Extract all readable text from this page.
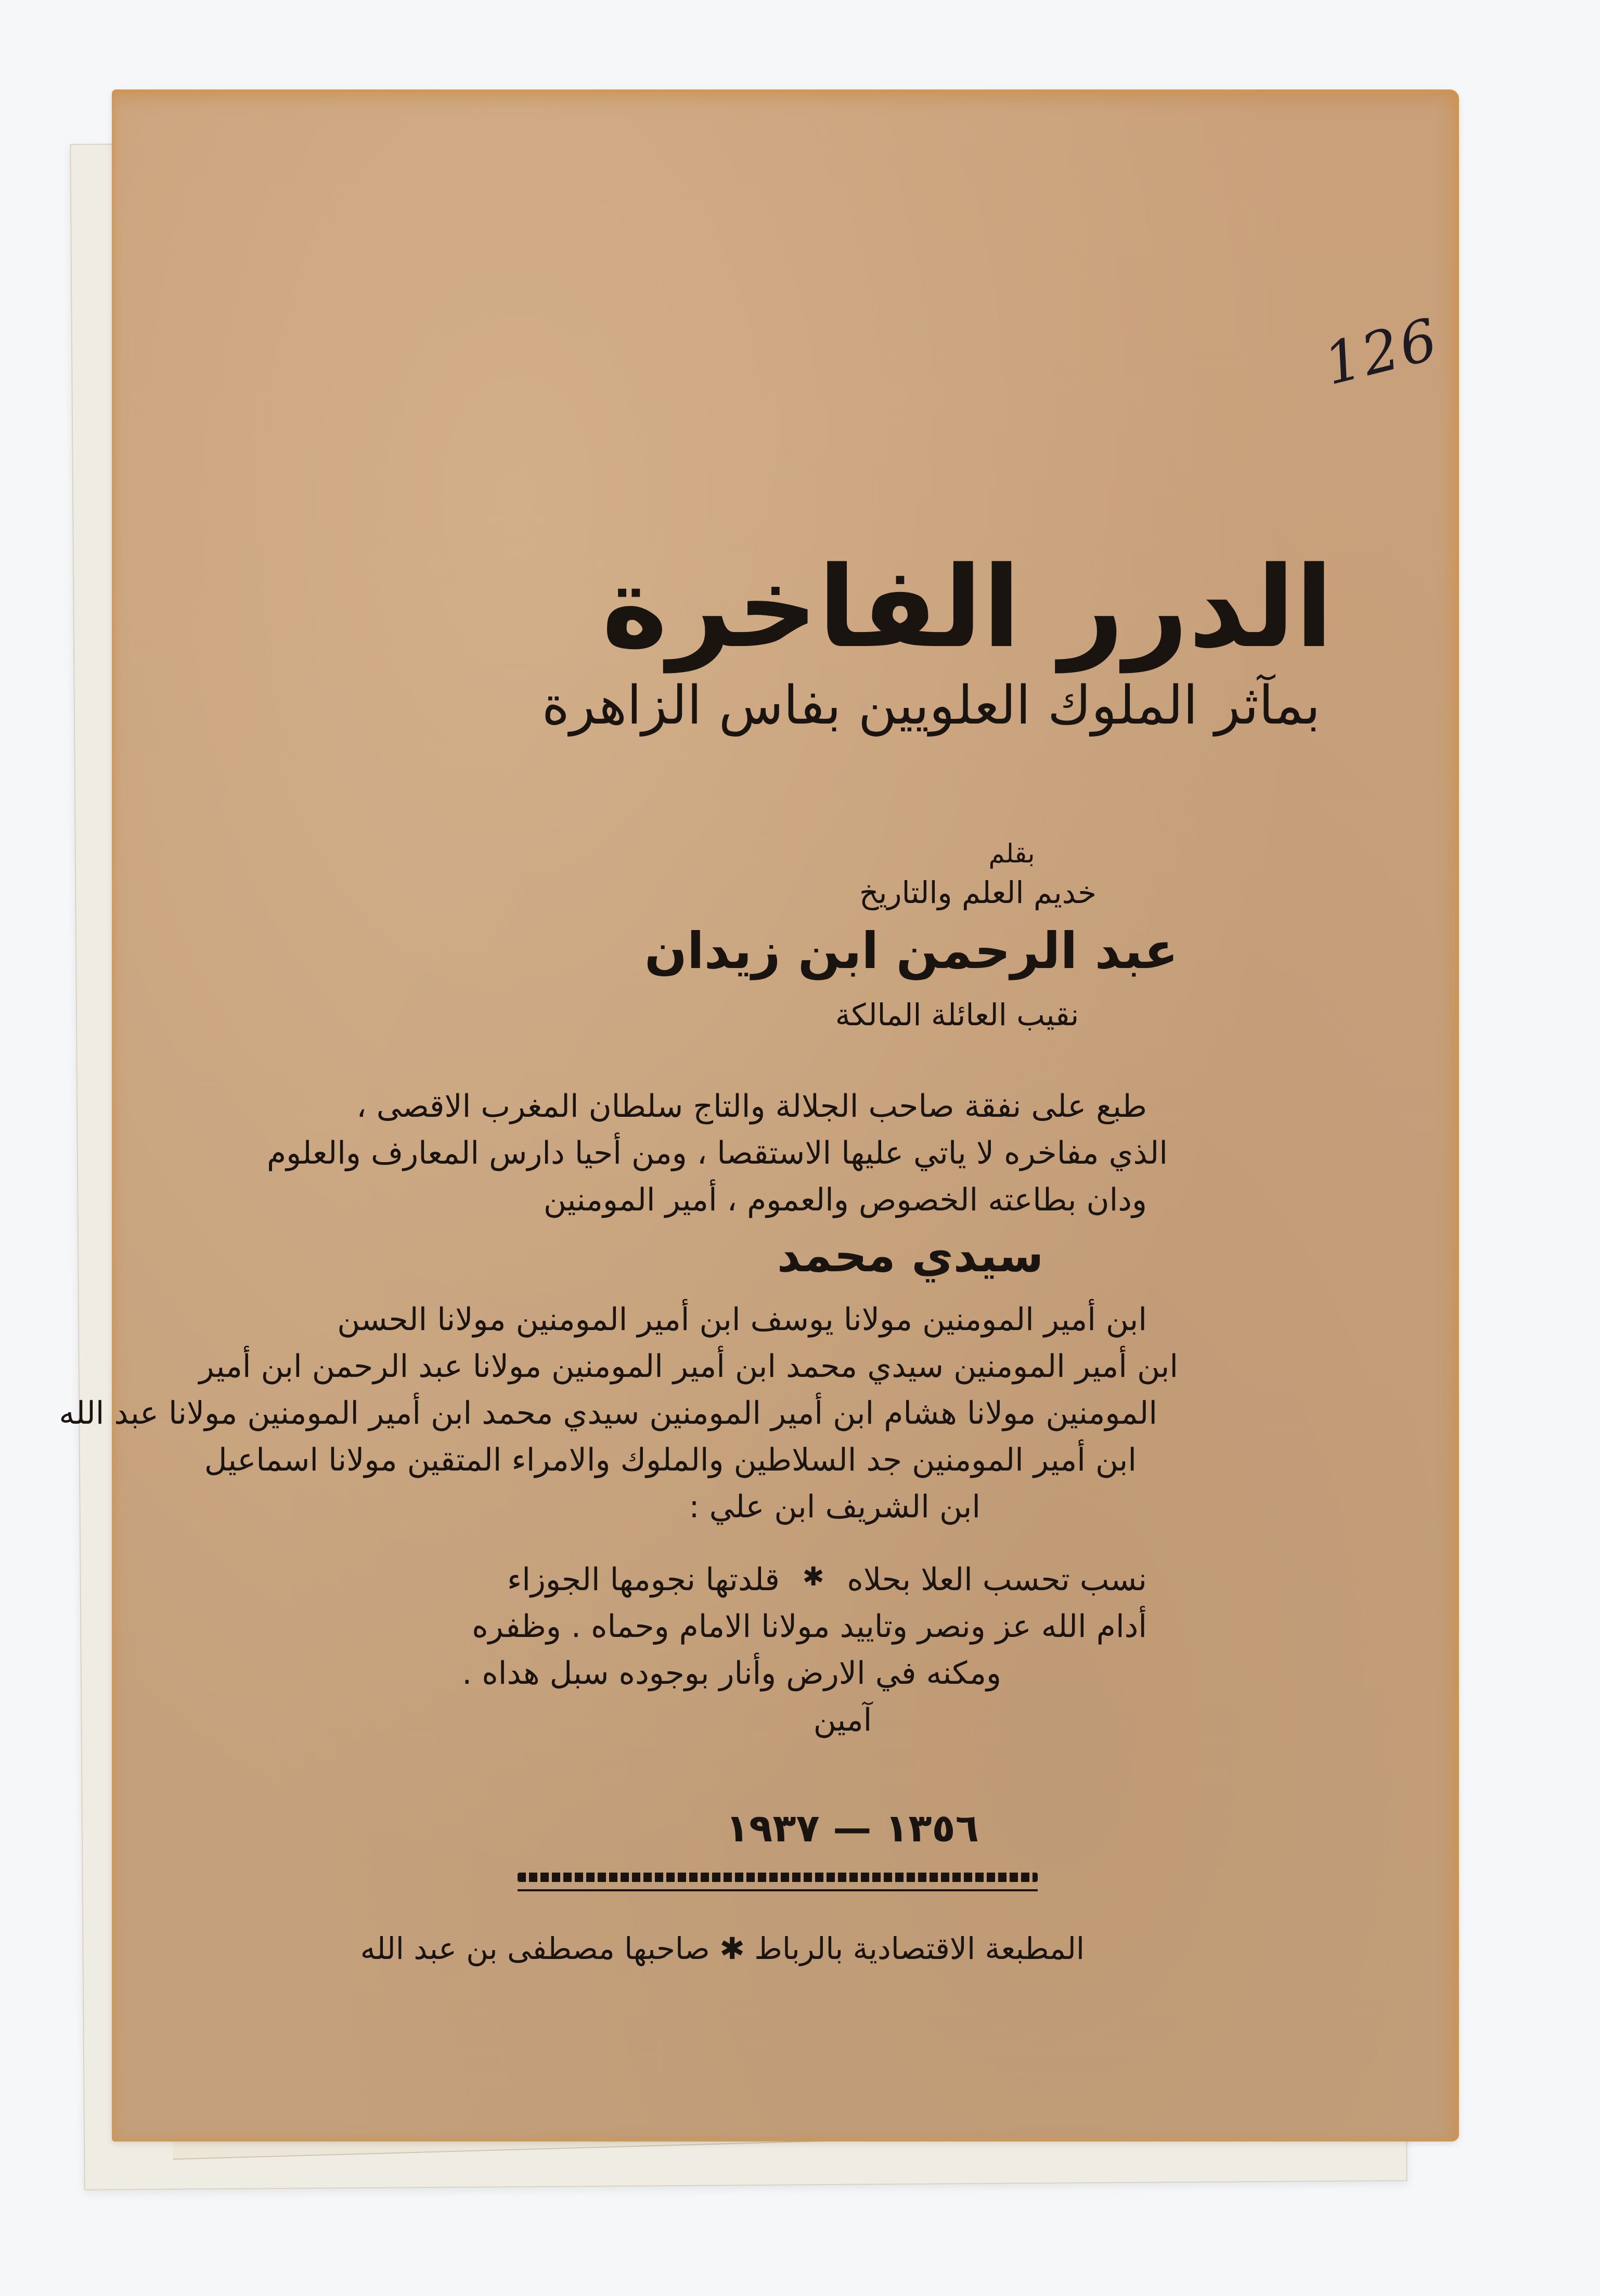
126
الدرر الفاخرة
بمآثر الملوك العلويين بفاس الزاهرة
بقلم
خديم العلم والتاريخ
عبد الرحمن ابن زيدان
نقيب العائلة المالكة
طبع على نفقة صاحب الجلالة والتاج سلطان المغرب الاقصى ،
الذي مفاخره لا ياتي عليها الاستقصا ، ومن أحيا دارس المعارف والعلوم
ودان بطاعته الخصوص والعموم ، أمير المومنين
سيدي محمد
ابن أمير المومنين مولانا يوسف ابن أمير المومنين مولانا الحسن
ابن أمير المومنين سيدي محمد ابن أمير المومنين مولانا عبد الرحمن ابن أمير
المومنين مولانا هشام ابن أمير المومنين سيدي محمد ابن أمير المومنين مولانا عبد الله
ابن أمير المومنين جد السلاطين والملوك والامراء المتقين مولانا اسماعيل
ابن الشريف ابن علي :
نسب تحسب العلا بحلاه
✱
قلدتها نجومها الجوزاء
أدام الله عز ونصر وتاييد مولانا الامام وحماه . وظفره
ومكنه في الارض وأنار بوجوده سبل هداه .
آمين
١٣٥٦ — ١٩٣٧
المطبعة الاقتصادية بالرباط ✱ صاحبها مصطفى بن عبد الله
